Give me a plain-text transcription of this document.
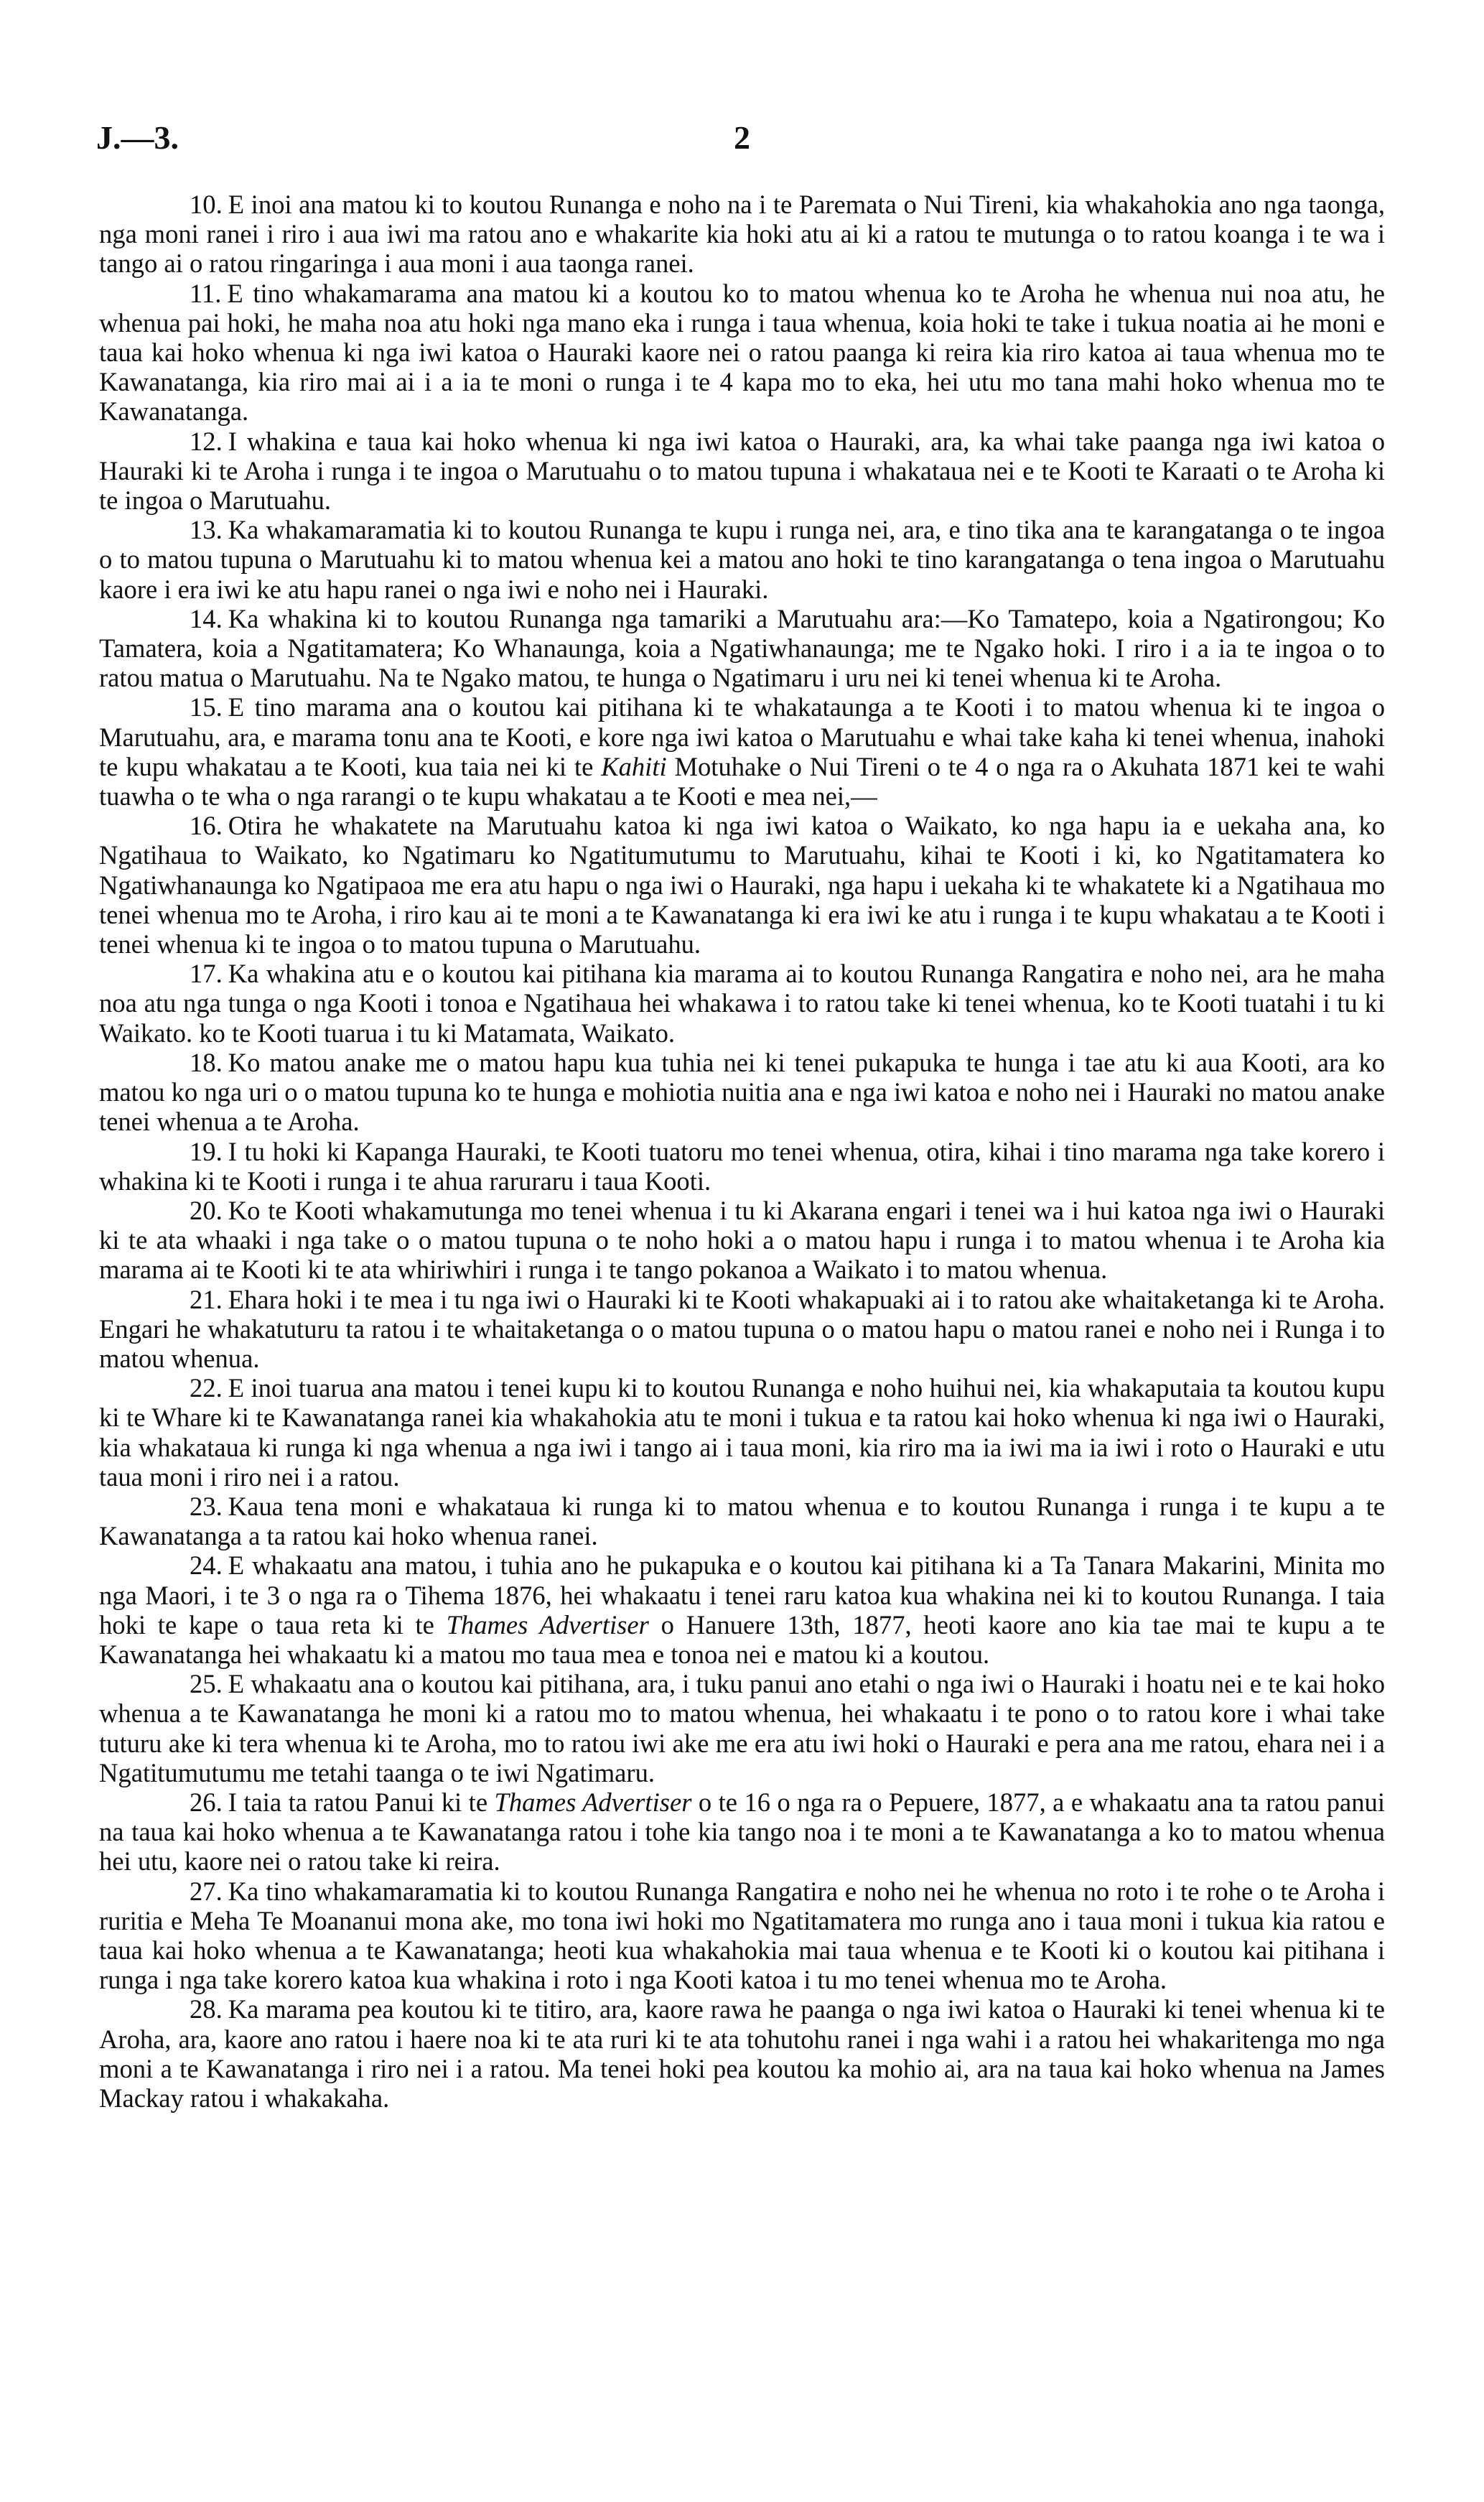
J.—3.	2

10. E inoi ana matou ki to koutou Runanga e noho na i te Paremata o Nui Tireni, kia whakahokia ano nga taonga, nga moni ranei i riro i aua iwi ma ratou ano e whakarite kia hoki atu ai ki a ratou te mutunga o to ratou koanga i te wa i tango ai o ratou ringaringa i aua moni i aua taonga ranei.

11. E tino whakamarama ana matou ki a koutou ko to matou whenua ko te Aroha he whenua nui noa atu, he whenua pai hoki, he maha noa atu hoki nga mano eka i runga i taua whenua, koia hoki te take i tukua noatia ai he moni e taua kai hoko whenua ki nga iwi katoa o Hauraki kaore nei o ratou paanga ki reira kia riro katoa ai taua whenua mo te Kawanatanga, kia riro mai ai i a ia te moni o runga i te 4 kapa mo to eka, hei utu mo tana mahi hoko whenua mo te Kawanatanga.

12. I whakina e taua kai hoko whenua ki nga iwi katoa o Hauraki, ara, ka whai take paanga nga iwi katoa o Hauraki ki te Aroha i runga i te ingoa o Marutuahu o to matou tupuna i whakataua nei e te Kooti te Karaati o te Aroha ki te ingoa o Marutuahu.

13. Ka whakamaramatia ki to koutou Runanga te kupu i runga nei, ara, e tino tika ana te karangatanga o te ingoa o to matou tupuna o Marutuahu ki to matou whenua kei a matou ano hoki te tino karangatanga o tena ingoa o Marutuahu kaore i era iwi ke atu hapu ranei o nga iwi e noho nei i Hauraki.

14. Ka whakina ki to koutou Runanga nga tamariki a Marutuahu ara:—Ko Tamatepo, koia a Ngatirongou; Ko Tamatera, koia a Ngatitamatera; Ko Whanaunga, koia a Ngatiwhanaunga; me te Ngako hoki. I riro i a ia te ingoa o to ratou matua o Marutuahu. Na te Ngako matou, te hunga o Ngatimaru i uru nei ki tenei whenua ki te Aroha.

15. E tino marama ana o koutou kai pitihana ki te whakataunga a te Kooti i to matou whenua ki te ingoa o Marutuahu, ara, e marama tonu ana te Kooti, e kore nga iwi katoa o Marutuahu e whai take kaha ki tenei whenua, inahoki te kupu whakatau a te Kooti, kua taia nei ki te Kahiti Motuhake o Nui Tireni o te 4 o nga ra o Akuhata 1871 kei te wahi tuawha o te wha o nga rarangi o te kupu whakatau a te Kooti e mea nei,—

16. Otira he whakatete na Marutuahu katoa ki nga iwi katoa o Waikato, ko nga hapu ia e uekaha ana, ko Ngatihaua to Waikato, ko Ngatimaru ko Ngatitumutumu to Marutuahu, kihai te Kooti i ki, ko Ngatitamatera ko Ngatiwhanaunga ko Ngatipaoa me era atu hapu o nga iwi o Hauraki, nga hapu i uekaha ki te whakatete ki a Ngatihaua mo tenei whenua mo te Aroha, i riro kau ai te moni a te Kawanatanga ki era iwi ke atu i runga i te kupu whakatau a te Kooti i tenei whenua ki te ingoa o to matou tupuna o Marutuahu.

17. Ka whakina atu e o koutou kai pitihana kia marama ai to koutou Runanga Rangatira e noho nei, ara he maha noa atu nga tunga o nga Kooti i tonoa e Ngatihaua hei whakawa i to ratou take ki tenei whenua, ko te Kooti tuatahi i tu ki Waikato. ko te Kooti tuarua i tu ki Matamata, Waikato.

18. Ko matou anake me o matou hapu kua tuhia nei ki tenei pukapuka te hunga i tae atu ki aua Kooti, ara ko matou ko nga uri o o matou tupuna ko te hunga e mohiotia nuitia ana e nga iwi katoa e noho nei i Hauraki no matou anake tenei whenua a te Aroha.

19. I tu hoki ki Kapanga Hauraki, te Kooti tuatoru mo tenei whenua, otira, kihai i tino marama nga take korero i whakina ki te Kooti i runga i te ahua raruraru i taua Kooti.

20. Ko te Kooti whakamutunga mo tenei whenua i tu ki Akarana engari i tenei wa i hui katoa nga iwi o Hauraki ki te ata whaaki i nga take o o matou tupuna o te noho hoki a o matou hapu i runga i to matou whenua i te Aroha kia marama ai te Kooti ki te ata whiriwhiri i runga i te tango pokanoa a Waikato i to matou whenua.

21. Ehara hoki i te mea i tu nga iwi o Hauraki ki te Kooti whakapuaki ai i to ratou ake whaitaketanga ki te Aroha. Engari he whakatuturu ta ratou i te whaitaketanga o o matou tupuna o o matou hapu o matou ranei e noho nei i Runga i to matou whenua.

22. E inoi tuarua ana matou i tenei kupu ki to koutou Runanga e noho huihui nei, kia whakaputaia ta koutou kupu ki te Whare ki te Kawanatanga ranei kia whakahokia atu te moni i tukua e ta ratou kai hoko whenua ki nga iwi o Hauraki, kia whakataua ki runga ki nga whenua a nga iwi i tango ai i taua moni, kia riro ma ia iwi ma ia iwi i roto o Hauraki e utu taua moni i riro nei i a ratou.

23. Kaua tena moni e whakataua ki runga ki to matou whenua e to koutou Runanga i runga i te kupu a te Kawanatanga a ta ratou kai hoko whenua ranei.

24. E whakaatu ana matou, i tuhia ano he pukapuka e o koutou kai pitihana ki a Ta Tanara Makarini, Minita mo nga Maori, i te 3 o nga ra o Tihema 1876, hei whakaatu i tenei raru katoa kua whakina nei ki to koutou Runanga. I taia hoki te kape o taua reta ki te Thames Advertiser o Hanuere 13th, 1877, heoti kaore ano kia tae mai te kupu a te Kawanatanga hei whakaatu ki a matou mo taua mea e tonoa nei e matou ki a koutou.

25. E whakaatu ana o koutou kai pitihana, ara, i tuku panui ano etahi o nga iwi o Hauraki i hoatu nei e te kai hoko whenua a te Kawanatanga he moni ki a ratou mo to matou whenua, hei whakaatu i te pono o to ratou kore i whai take tuturu ake ki tera whenua ki te Aroha, mo to ratou iwi ake me era atu iwi hoki o Hauraki e pera ana me ratou, ehara nei i a Ngatitumutumu me tetahi taanga o te iwi Ngatimaru.

26. I taia ta ratou Panui ki te Thames Advertiser o te 16 o nga ra o Pepuere, 1877, a e whakaatu ana ta ratou panui na taua kai hoko whenua a te Kawanatanga ratou i tohe kia tango noa i te moni a te Kawanatanga a ko to matou whenua hei utu, kaore nei o ratou take ki reira.

27. Ka tino whakamaramatia ki to koutou Runanga Rangatira e noho nei he whenua no roto i te rohe o te Aroha i ruritia e Meha Te Moananui mona ake, mo tona iwi hoki mo Ngatitamatera mo runga ano i taua moni i tukua kia ratou e taua kai hoko whenua a te Kawanatanga; heoti kua whakahokia mai taua whenua e te Kooti ki o koutou kai pitihana i runga i nga take korero katoa kua whakina i roto i nga Kooti katoa i tu mo tenei whenua mo te Aroha.

28. Ka marama pea koutou ki te titiro, ara, kaore rawa he paanga o nga iwi katoa o Hauraki ki tenei whenua ki te Aroha, ara, kaore ano ratou i haere noa ki te ata ruri ki te ata tohutohu ranei i nga wahi i a ratou hei whakaritenga mo nga moni a te Kawanatanga i riro nei i a ratou. Ma tenei hoki pea koutou ka mohio ai, ara na taua kai hoko whenua na James Mackay ratou i whakakaha.
